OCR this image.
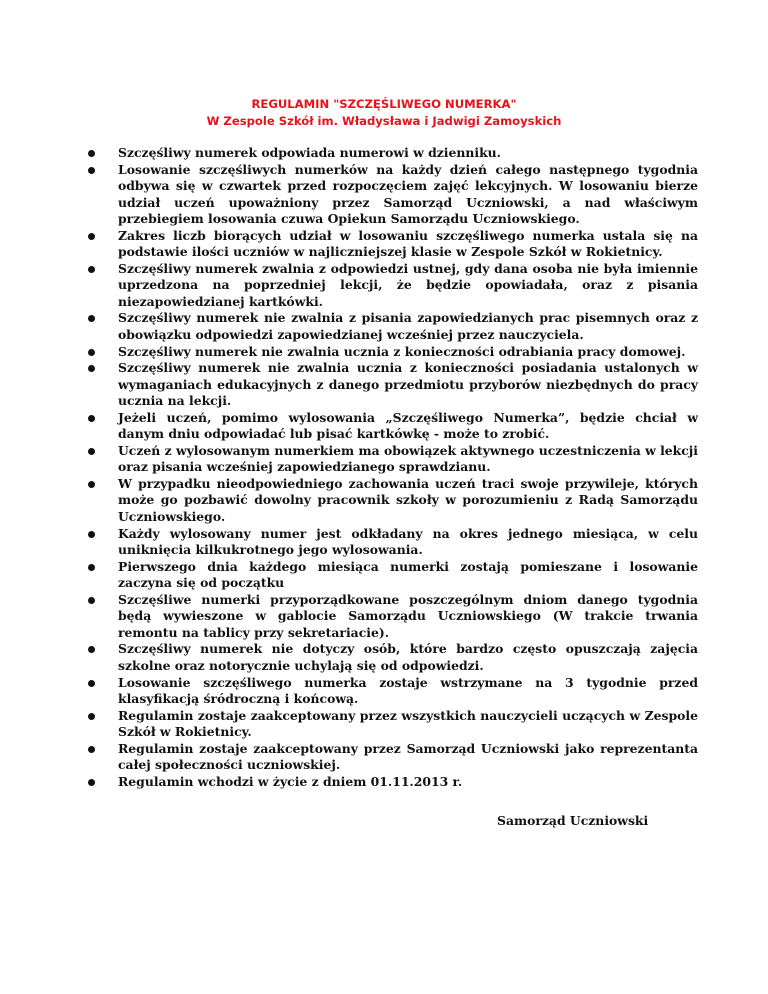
REGULAMIN "SZCZĘŚLIWEGO NUMERKA"
W Zespole Szkół im. Władysława i Jadwigi Zamoyskich
Szczęśliwy numerek odpowiada numerowi w dzienniku.
Losowanie szczęśliwych numerków na każdy dzień całego następnego tygodnia odbywa się w czwartek przed rozpoczęciem zajęć lekcyjnych. W losowaniu bierze udział uczeń upoważniony przez Samorząd Uczniowski, a nad właściwym przebiegiem losowania czuwa Opiekun Samorządu Uczniowskiego.
Zakres liczb biorących udział w losowaniu szczęśliwego numerka ustala się na podstawie ilości uczniów w najliczniejszej klasie w Zespole Szkół w Rokietnicy.
Szczęśliwy numerek zwalnia z odpowiedzi ustnej, gdy dana osoba nie była imiennie uprzedzona na poprzedniej lekcji, że będzie opowiadała, oraz z pisania niezapowiedzianej kartkówki.
Szczęśliwy numerek nie zwalnia z pisania zapowiedzianych prac pisemnych oraz z obowiązku odpowiedzi zapowiedzianej wcześniej przez nauczyciela.
Szczęśliwy numerek nie zwalnia ucznia z konieczności odrabiania pracy domowej.
Szczęśliwy numerek nie zwalnia ucznia z konieczności posiadania ustalonych w wymaganiach edukacyjnych z danego przedmiotu przyborów niezbędnych do pracy ucznia na lekcji.
Jeżeli uczeń, pomimo wylosowania „Szczęśliwego Numerka”, będzie chciał w danym dniu odpowiadać lub pisać kartkówkę - może to zrobić.
Uczeń z wylosowanym numerkiem ma obowiązek aktywnego uczestniczenia w lekcji oraz pisania wcześniej zapowiedzianego sprawdzianu.
W przypadku nieodpowiedniego zachowania uczeń traci swoje przywileje, których może go pozbawić dowolny pracownik szkoły w porozumieniu z Radą Samorządu Uczniowskiego.
Każdy wylosowany numer jest odkładany na okres jednego miesiąca, w celu uniknięcia kilkukrotnego jego wylosowania.
Pierwszego dnia każdego miesiąca numerki zostają pomieszane i losowanie zaczyna się od początku
Szczęśliwe numerki przyporządkowane poszczególnym dniom danego tygodnia będą wywieszone w gablocie Samorządu Uczniowskiego (W trakcie trwania remontu na tablicy przy sekretariacie).
Szczęśliwy numerek nie dotyczy osób, które bardzo często opuszczają zajęcia szkolne oraz notorycznie uchylają się od odpowiedzi.
Losowanie szczęśliwego numerka zostaje wstrzymane na 3 tygodnie przed klasyfikacją śródroczną i końcową.
Regulamin zostaje zaakceptowany przez wszystkich nauczycieli uczących w Zespole Szkół w Rokietnicy.
Regulamin zostaje zaakceptowany przez Samorząd Uczniowski jako reprezentanta całej społeczności uczniowskiej.
Regulamin wchodzi w życie z dniem 01.11.2013 r.
Samorząd Uczniowski
